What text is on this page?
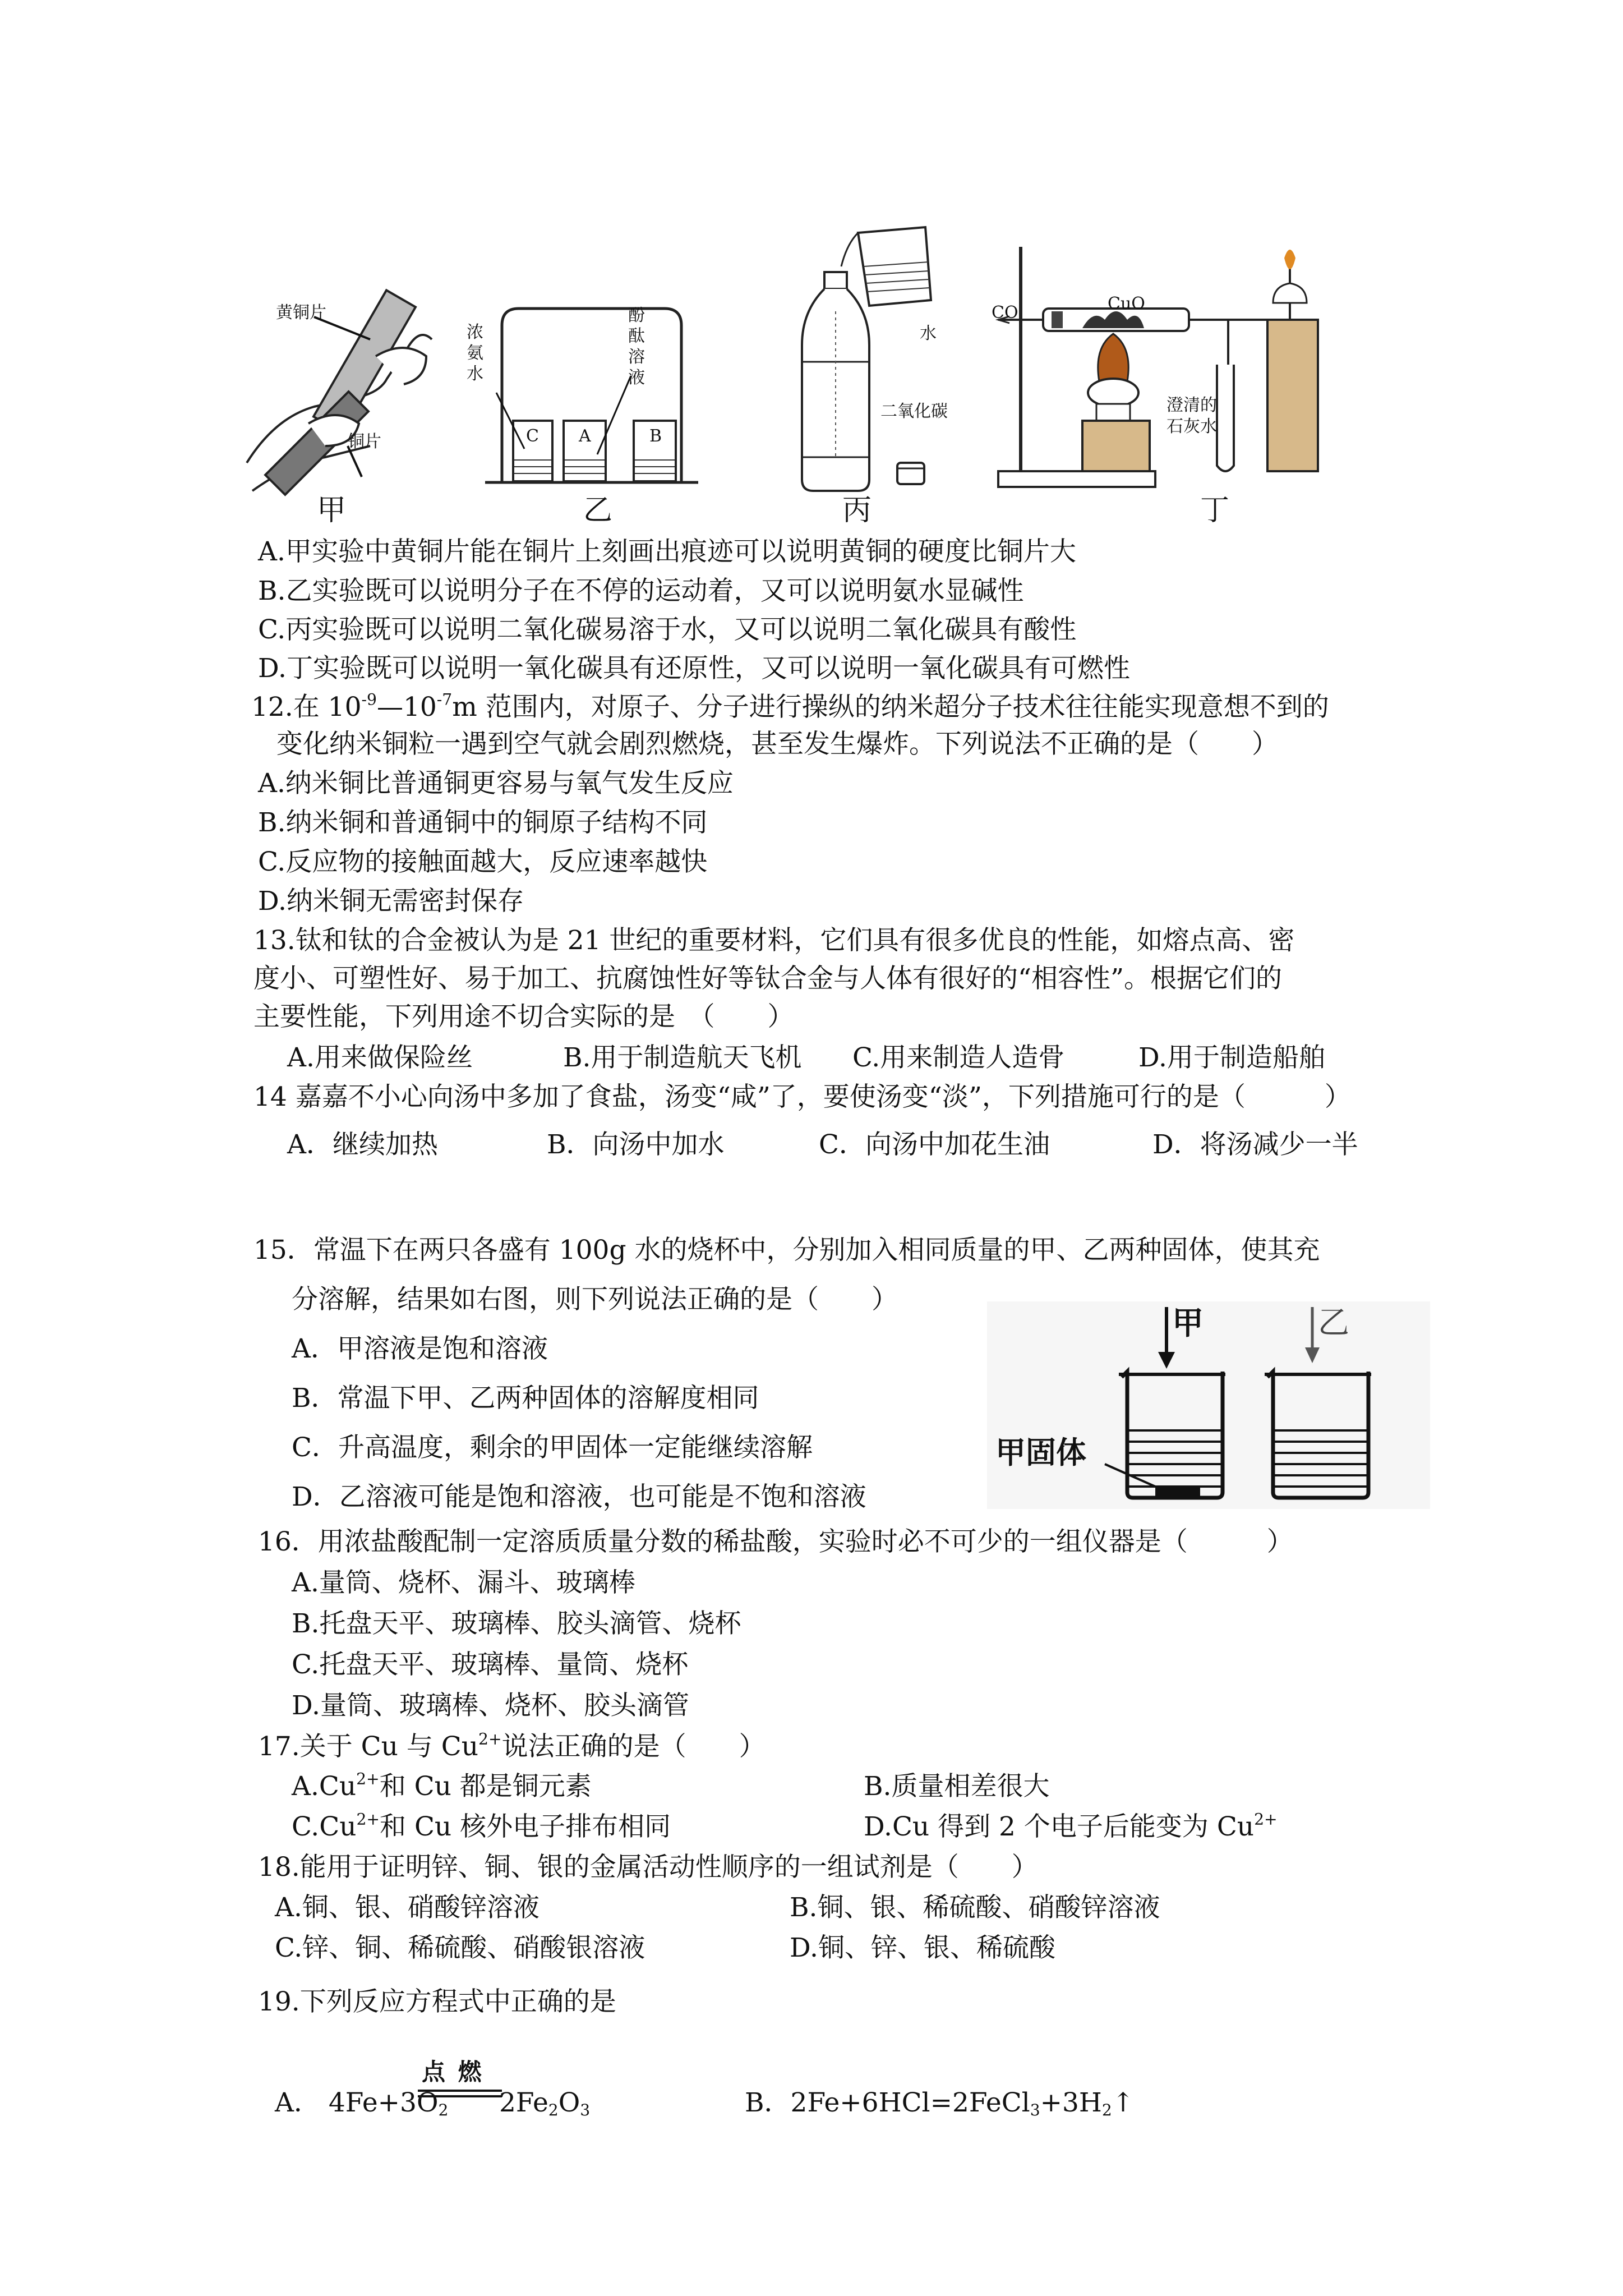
黄铜片
铜片
甲
C A	B
浓
氨
水
酚
酞
溶
液
乙
水
二氧化碳
丙
CO	CuO
澄清的
石灰水
丁
A.甲实验中黄铜片能在铜片上刻画出痕迹可以说明黄铜的硬度比铜片大
B.乙实验既可以说明分子在不停的运动着，又可以说明氨水显碱性
C.丙实验既可以说明二氧化碳易溶于水，又可以说明二氧化碳具有酸性
D.丁实验既可以说明一氧化碳具有还原性，又可以说明一氧化碳具有可燃性
12.在 $10^{-9}—10^{-7}m$ 范围内，对原子、分子进行操纵的纳米超分子技术往往能实现意想不到的
变化纳米铜粒一遇到空气就会剧烈燃烧，甚至发生爆炸。下列说法不正确的是（　　）
A.纳米铜比普通铜更容易与氧气发生反应
B.纳米铜和普通铜中的铜原子结构不同
C.反应物的接触面越大，反应速率越快
D.纳米铜无需密封保存
13.钛和钛的合金被认为是 21 世纪的重要材料，它们具有很多优良的性能，如熔点高、密
度小、可塑性好、易于加工、抗腐蚀性好等钛合金与人体有很好的“相容性”。根据它们的
主要性能，下列用途不切合实际的是　（　　）
A.用来做保险丝	B.用于制造航天飞机 C.用来制造人造骨	D.用于制造船舶
14 嘉嘉不小心向汤中多加了食盐，汤变“咸”了，要使汤变“淡”，下列措施可行的是（　　　）
A．继续加热	B．向汤中加水	C．向汤中加花生油	D．将汤减少一半
15．常温下在两只各盛有 100g 水的烧杯中，分别加入相同质量的甲、乙两种固体，使其充
分溶解，结果如右图，则下列说法正确的是（　　）
A．甲溶液是饱和溶液
B．常温下甲、乙两种固体的溶解度相同
C．升高温度，剩余的甲固体一定能继续溶解
D．乙溶液可能是饱和溶液，也可能是不饱和溶液
甲	乙
甲固体
16．用浓盐酸配制一定溶质质量分数的稀盐酸，实验时必不可少的一组仪器是（　　　）
A.量筒、烧杯、漏斗、玻璃棒
B.托盘天平、玻璃棒、胶头滴管、烧杯
C.托盘天平、玻璃棒、量筒、烧杯
D.量筒、玻璃棒、烧杯、胶头滴管
17.关于 Cu 与 $Cu^{2+}$说法正确的是（　　）
$A.Cu^{2+}$和 Cu 都是铜元素	B.质量相差很大
$C.Cu^{2+}$和 Cu 核外电子排布相同	D.Cu 得到 2 个电子后能变为 $Cu^{2+}$
18.能用于证明锌、铜、银的金属活动性顺序的一组试剂是（　　）
A.铜、银、硝酸锌溶液	B.铜、银、稀硫酸、硝酸锌溶液
C.锌、铜、稀硫酸、硝酸银溶液	D.铜、锌、银、稀硫酸
19.下列反应方程式中正确的是
A． $4Fe+3O_2$
点 燃
$2Fe_2O_3$	B．$2Fe+6HCl=2FeCl_3+3H_2↑$
